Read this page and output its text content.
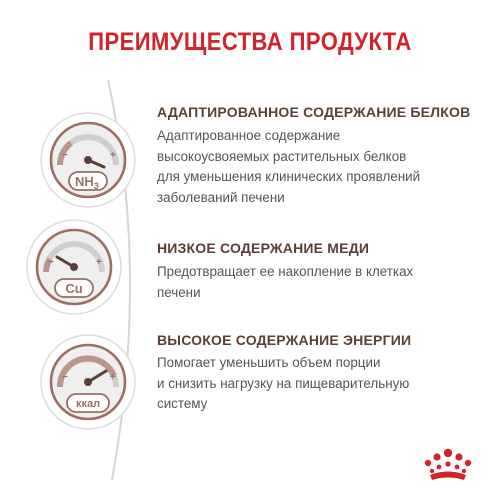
ПРЕИМУЩЕСТВА ПРОДУКТА
−	+
$NH_3$
АДАПТИРОВАННОЕ СОДЕРЖАНИЕ БЕЛКОВ
Адаптированное содержание
высокоусвояемых растительных белков
для уменьшения клинических проявлений
заболеваний печени
−	+
Cu
НИЗКОЕ СОДЕРЖАНИЕ МЕДИ
Предотвращает ее накопление в клетках
печени
−	+
ккал
ВЫСОКОЕ СОДЕРЖАНИЕ ЭНЕРГИИ
Помогает уменьшить объем порции
и снизить нагрузку на пищеварительную
систему
